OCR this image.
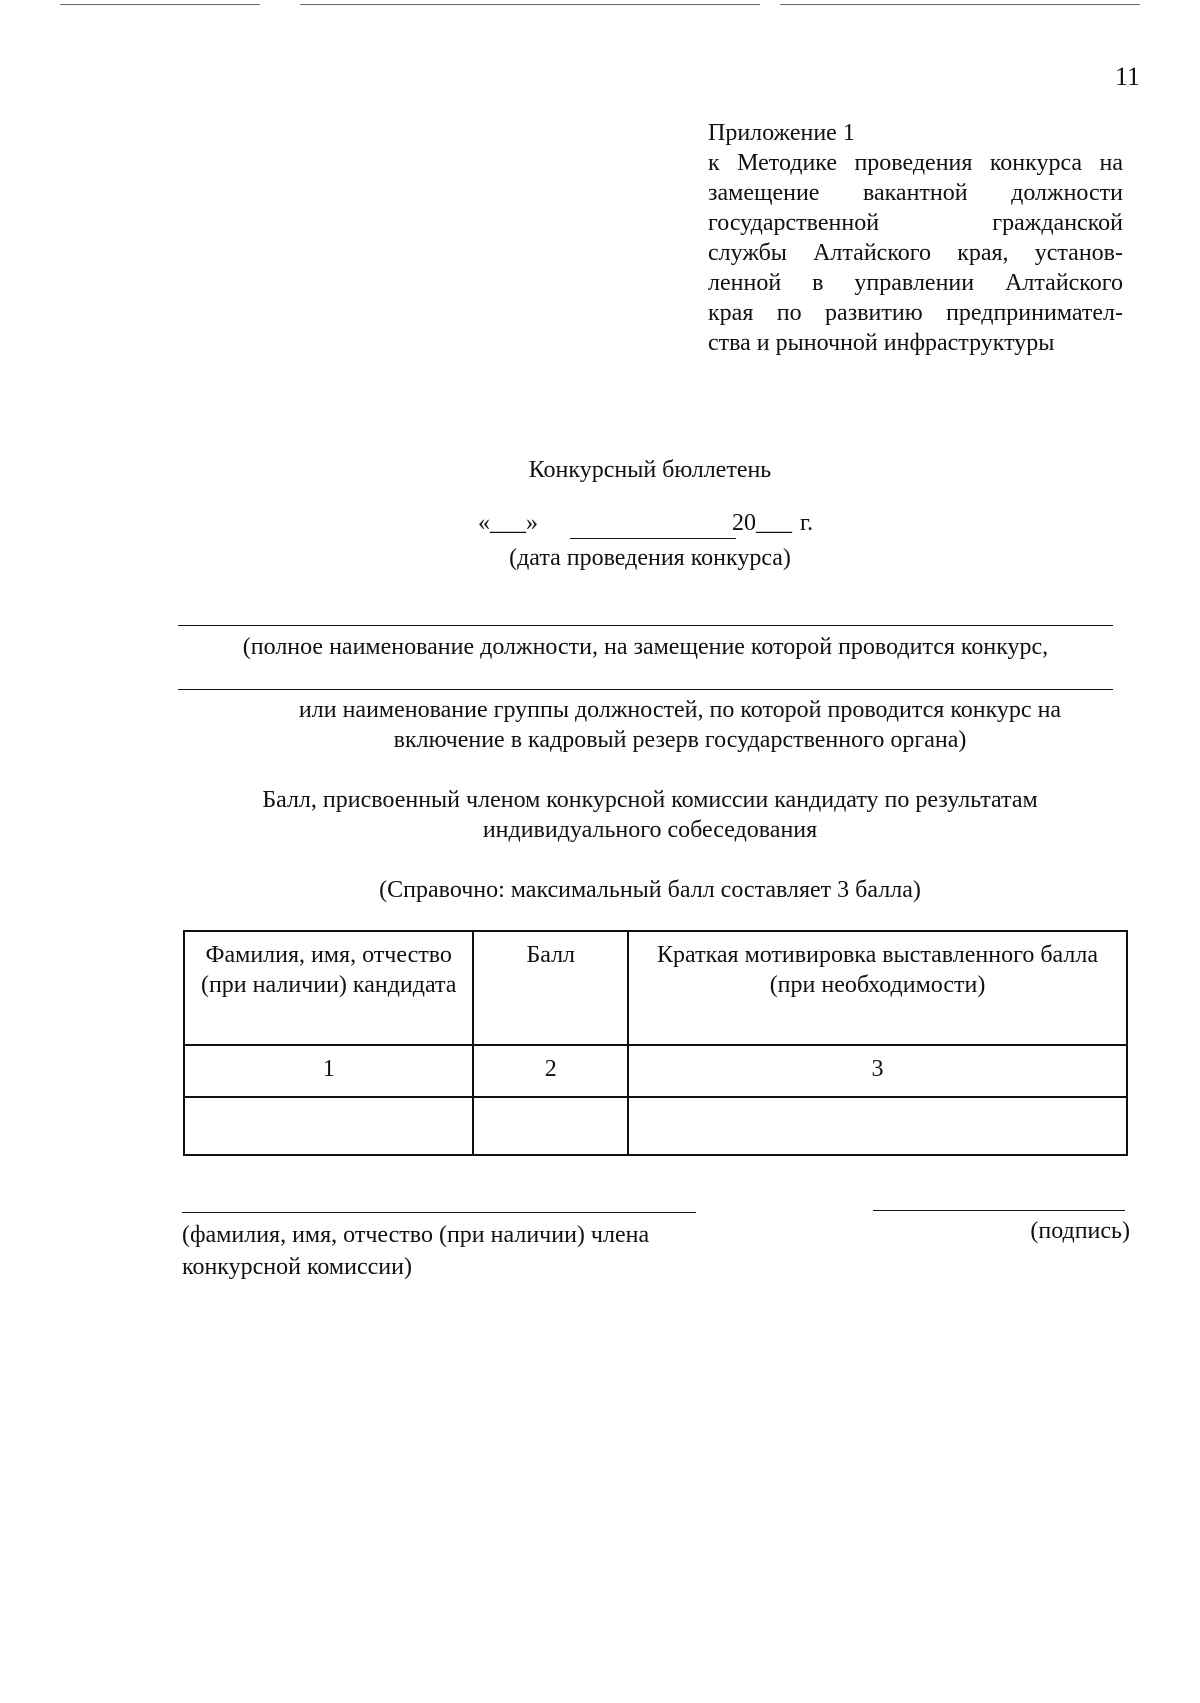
11
Приложение 1
к Методике проведения конкурса на
замещение вакантной должности
государственной гражданской
службы Алтайского края, установ-
ленной в управлении Алтайского
края по развитию предпринимател-
ства и рыночной инфраструктуры
Конкурсный бюллетень
«___»	20___ г.
(дата проведения конкурса)
(полное наименование должности, на замещение которой проводится конкурс,
или наименование группы должностей, по которой проводится конкурс на
включение в кадровый резерв государственного органа)
Балл, присвоенный членом конкурсной комиссии кандидату по результатам
индивидуального собеседования
(Справочно: максимальный балл составляет 3 балла)
Фамилия, имя, отчество (при наличии) кандидата	Балл	Краткая мотивировка выставленного балла (при необходимости)
1	2	3

(фамилия, имя, отчество (при наличии) члена
конкурсной комиссии)
(подпись)
